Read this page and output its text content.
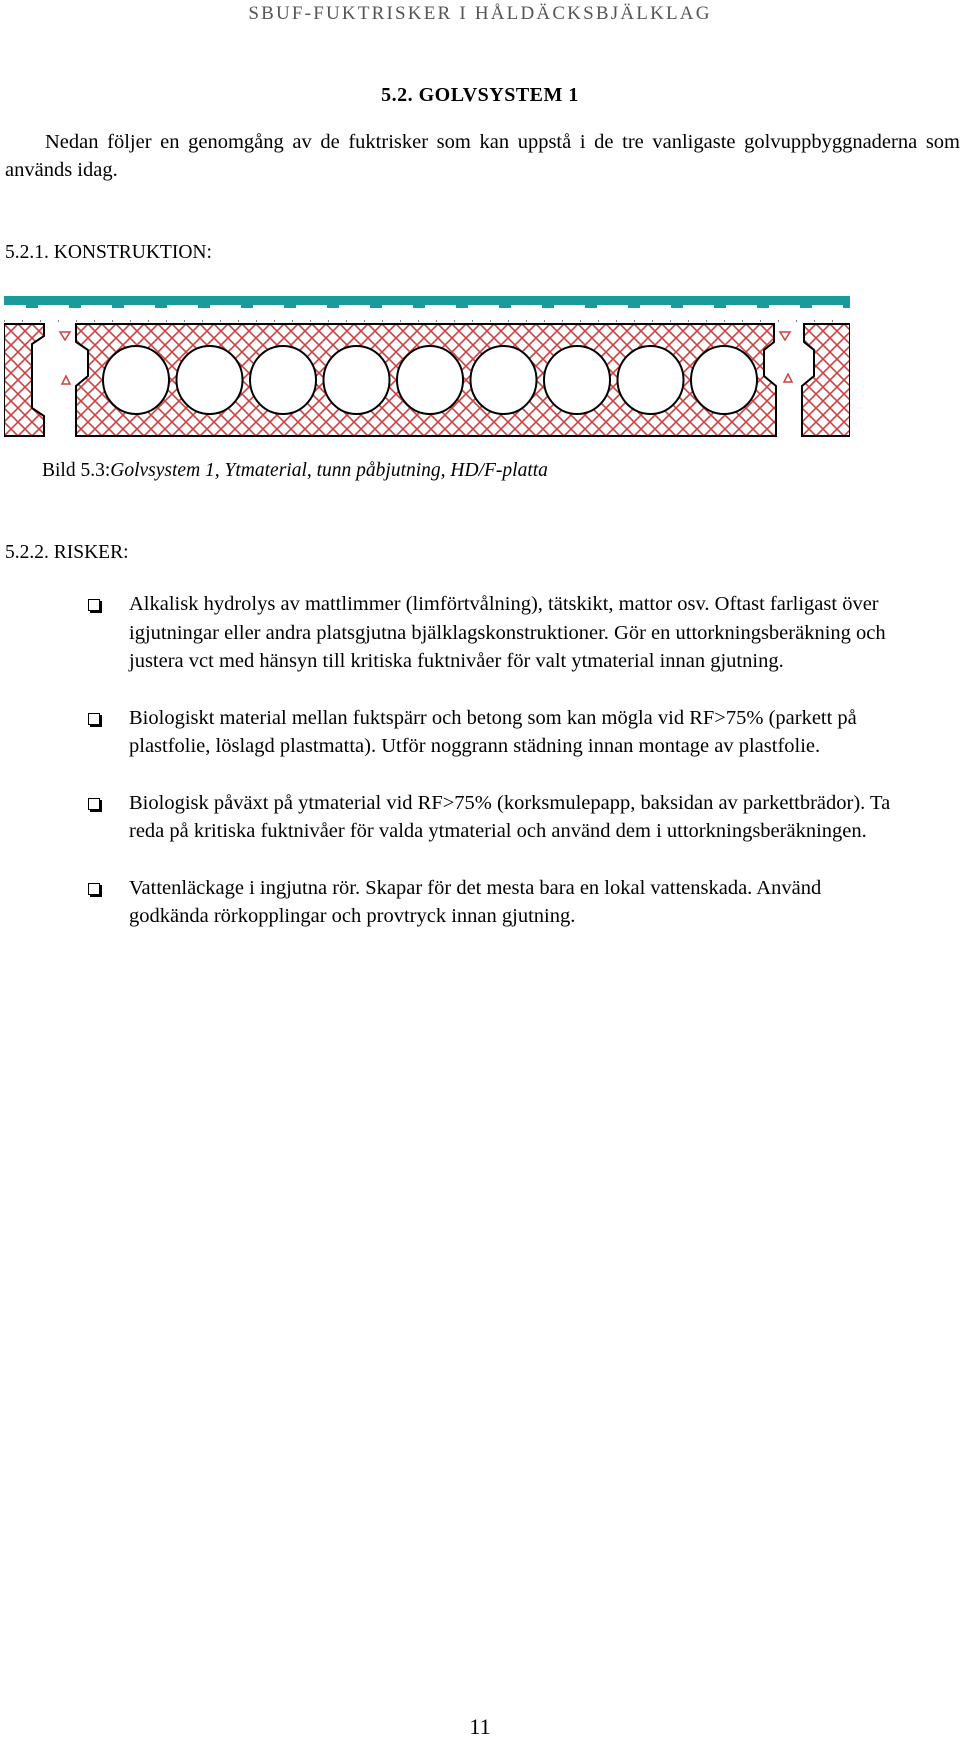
SBUF-FUKTRISKER I HÅLDÄCKSBJÄLKLAG
5.2. GOLVSYSTEM 1

Nedan följer en genomgång av de fuktrisker som kan uppstå i de tre vanligaste golvuppbyggnaderna som används idag.

5.2.1. KONSTRUKTION:

Bild 5.3:Golvsystem 1, Ytmaterial, tunn påbjutning, HD/F-platta

5.2.2. RISKER:

Alkalisk hydrolys av mattlimmer (limförtvålning), tätskikt, mattor osv. Oftast farligast över igjutningar eller andra platsgjutna bjälklagskonstruktioner. Gör en uttorkningsberäkning och justera vct med hänsyn till kritiska fuktnivåer för valt ytmaterial innan gjutning.
Biologiskt material mellan fuktspärr och betong som kan mögla vid RF>75% (parkett på plastfolie, löslagd plastmatta). Utför noggrann städning innan montage av plastfolie.
Biologisk påväxt på ytmaterial vid RF>75% (korksmulepapp, baksidan av parkettbrädor). Ta reda på kritiska fuktnivåer för valda ytmaterial och använd dem i uttorkningsberäkningen.
Vattenläckage i ingjutna rör. Skapar för det mesta bara en lokal vattenskada. Använd godkända rörkopplingar och provtryck innan gjutning.
11
